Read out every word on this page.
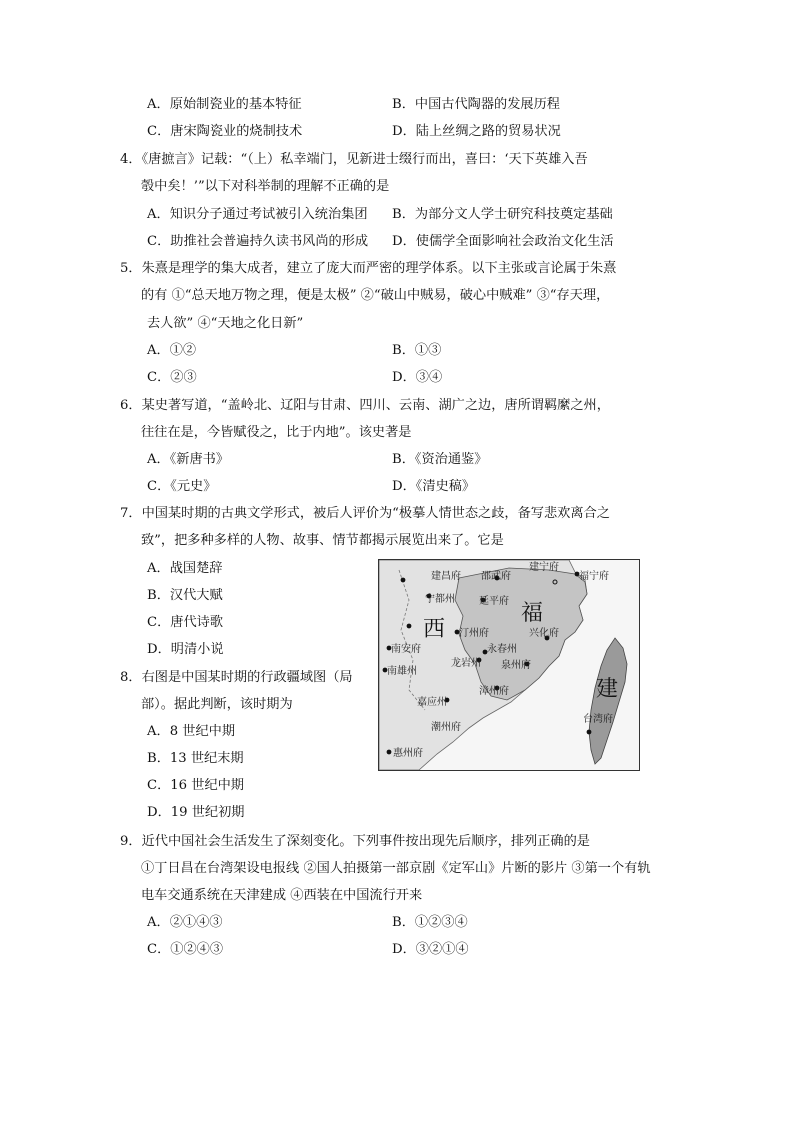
A．原始制瓷业的基本特征	B．中国古代陶器的发展历程
C．唐宋陶瓷业的烧制技术	D．陆上丝绸之路的贸易状况
4．《唐摭言》记载：“（上）私幸端门，见新进士缀行而出，喜曰：‘天下英雄入吾
彀中矣！’”以下对科举制的理解不正确的是
A．知识分子通过考试被引入统治集团 B．为部分文人学士研究科技奠定基础
C．助推社会普遍持久读书风尚的形成 D．使儒学全面影响社会政治文化生活
5．朱熹是理学的集大成者，建立了庞大而严密的理学体系。以下主张或言论属于朱熹
的有 ①“总天地万物之理，便是太极” ②“破山中贼易，破心中贼难” ③“存天理，
去人欲” ④“天地之化日新”
A．①②	B．①③
C．②③	D．③④
6．某史著写道，“盖岭北、辽阳与甘肃、四川、云南、湖广之边，唐所谓羁縻之州，
往往在是，今皆赋役之，比于内地”。该史著是
A．《新唐书》	B．《资治通鉴》
C．《元史》	D．《清史稿》
7．中国某时期的古典文学形式，被后人评价为“极摹人情世态之歧，备写悲欢离合之
致”，把多种多样的人物、故事、情节都揭示展览出来了。它是
A．战国楚辞
B．汉代大赋
C．唐代诗歌
D．明清小说
8．右图是中国某时期的行政疆域图（局
部）。据此判断，该时期为
A．8 世纪中期
B．13 世纪末期
C．16 世纪中期
D．19 世纪初期
西
福
建
建昌府 邵武府
建宁府
福宁府
宁都州 延平府
汀州府	兴化府
南安府	永春州
龙岩州 泉州府
南雄州
漳州府
嘉应州
潮州府
惠州府
台湾府
9．近代中国社会生活发生了深刻变化。下列事件按出现先后顺序，排列正确的是
①丁日昌在台湾架设电报线 ②国人拍摄第一部京剧《定军山》片断的影片 ③第一个有轨
电车交通系统在天津建成 ④西装在中国流行开来
A．②①④③	B．①②③④
C．①②④③	D．③②①④
